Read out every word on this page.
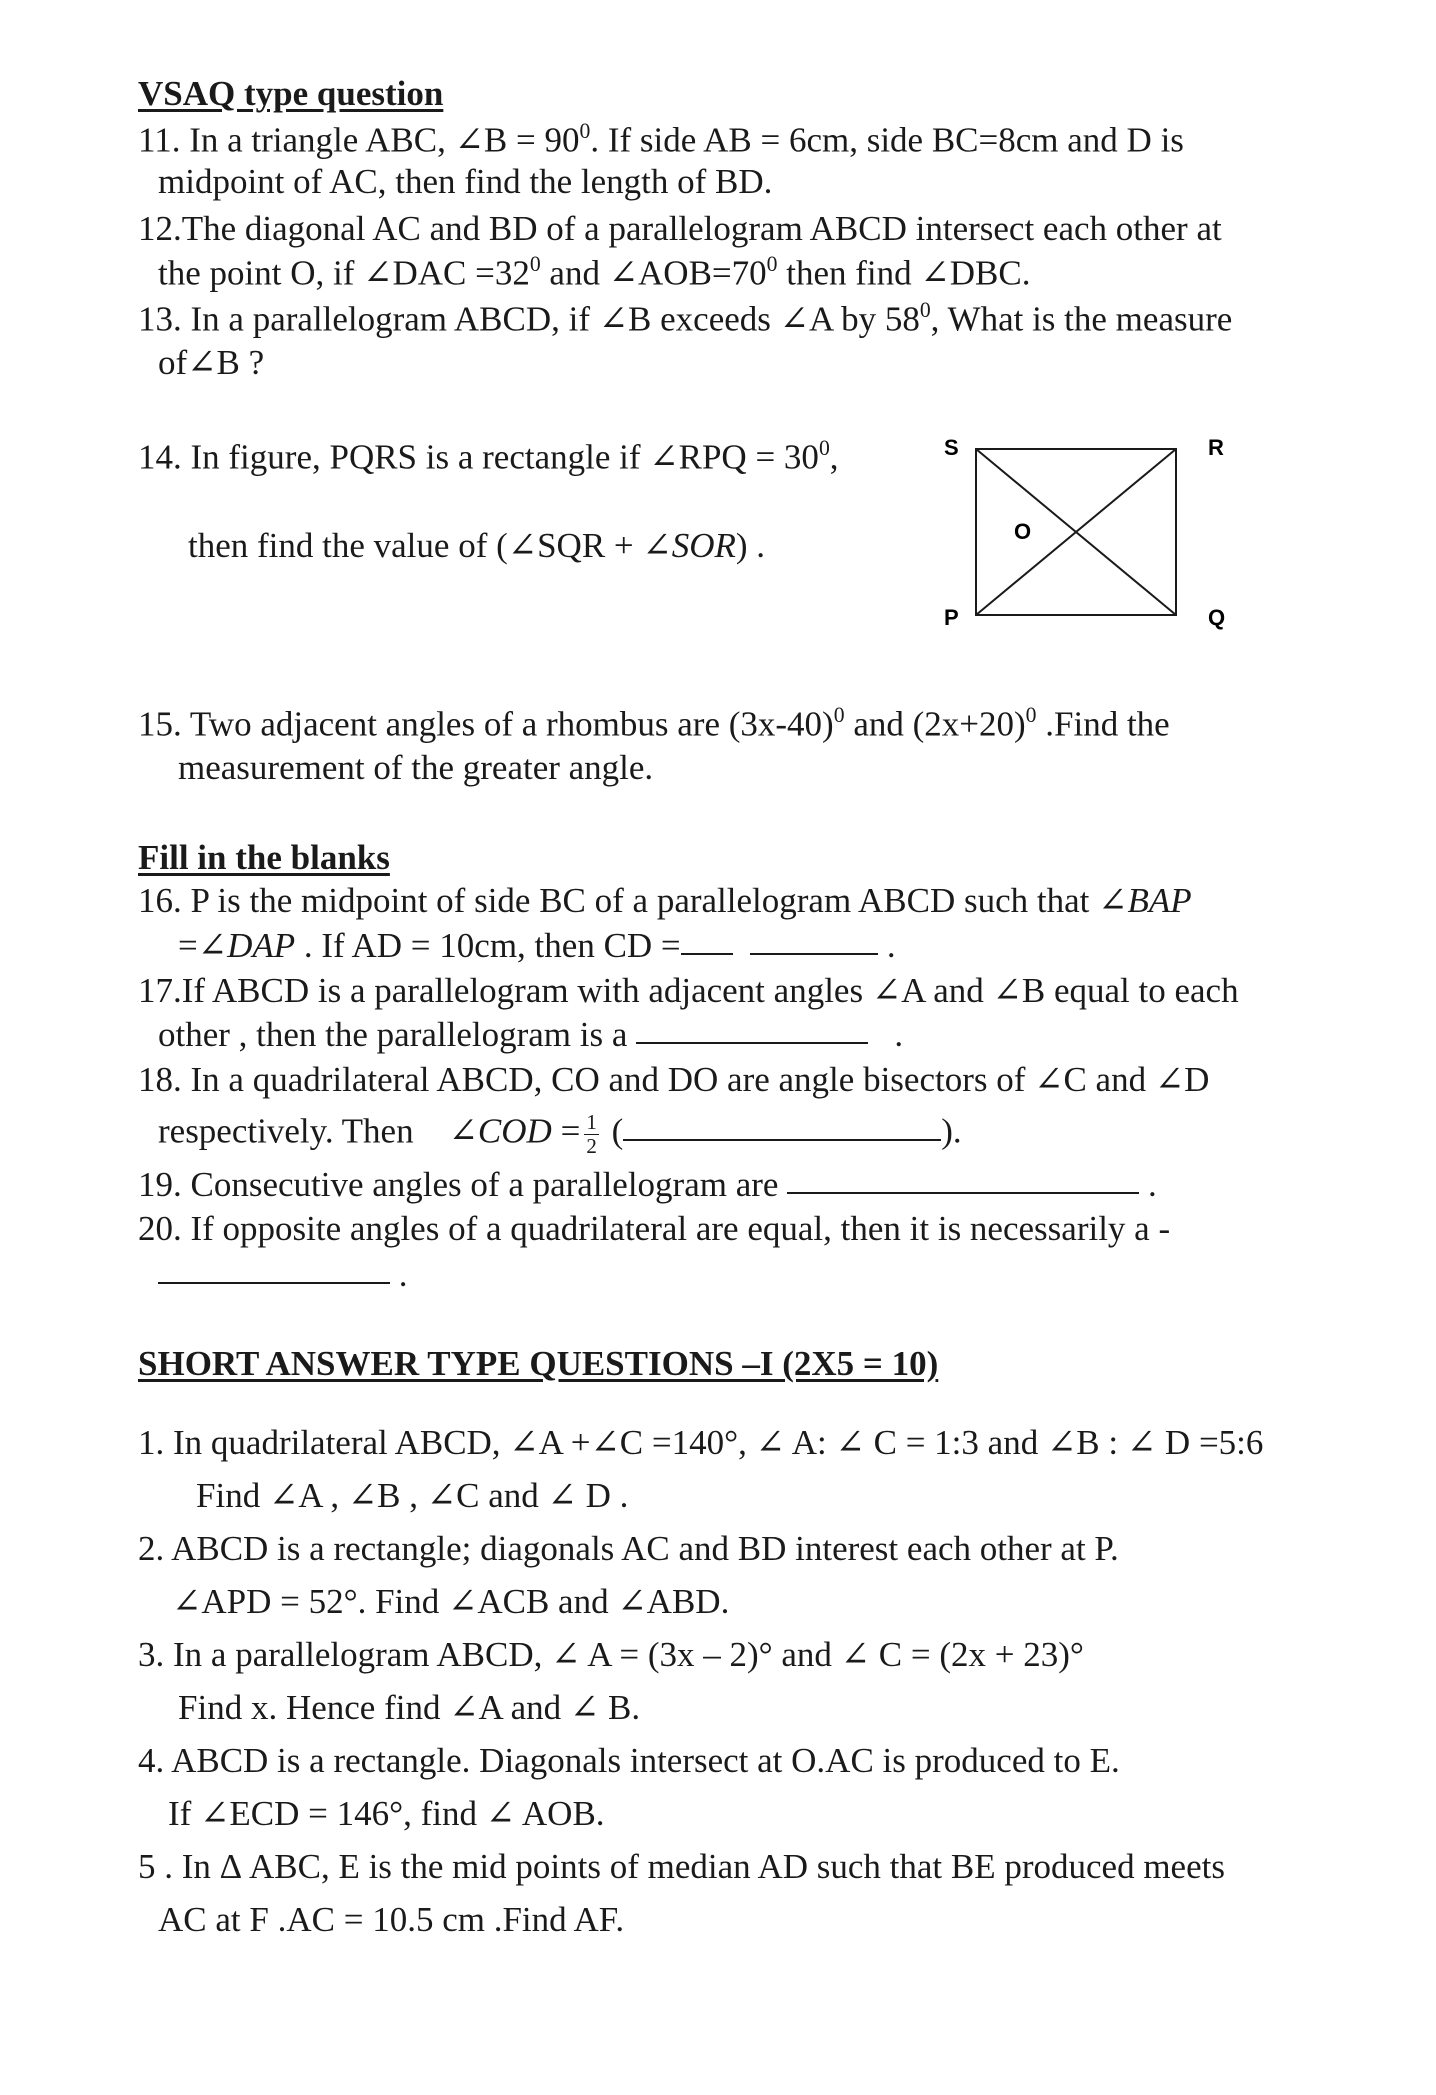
VSAQ type question
11. In a triangle ABC, ∠B = $90^0$. If side AB = 6cm, side BC=8cm and D is
midpoint of AC, then find the length of BD.
12.The diagonal AC and BD of a parallelogram ABCD intersect each other at
the point O, if ∠DAC $=32^0$ and $\angle AOB=70^0$ then find ∠DBC.
13. In a parallelogram ABCD, if ∠B exceeds ∠A by $58^0$, What is the measure
of∠B ?
14. In figure, PQRS is a rectangle if ∠RPQ = $30^0$,
then find the value of (∠SQR + ∠SOR) .
S	R
O
P	Q
15. Two adjacent angles of a rhombus are $(3x-40)^0$ and $(2x+20)^0$ .Find the
measurement of the greater angle.
Fill in the blanks
16. P is the midpoint of side BC of a parallelogram ABCD such that ∠BAP
=∠DAP . If AD = 10cm, then CD =	.
17.If ABCD is a parallelogram with adjacent angles ∠A and ∠B equal to each
other , then the parallelogram is a	.
18. In a quadrilateral ABCD, CO and DO are angle bisectors of ∠C and ∠D
respectively. Then ∠COD = $\frac{1}{2}$ (	).
19. Consecutive angles of a parallelogram are	.
20. If opposite angles of a quadrilateral are equal, then it is necessarily a -
.
SHORT ANSWER TYPE QUESTIONS –I (2X5 = 10)
1. In quadrilateral ABCD, ∠A +∠C =140°, ∠ A: ∠ C = 1:3 and ∠B : ∠ D =5:6
Find ∠A , ∠B , ∠C and ∠ D .
2. ABCD is a rectangle; diagonals AC and BD interest each other at P.
∠APD = 52°. Find ∠ACB and ∠ABD.
3. In a parallelogram ABCD, ∠ A = (3x – 2)° and ∠ C = (2x + 23)°
Find x. Hence find ∠A and ∠ B.
4. ABCD is a rectangle. Diagonals intersect at O.AC is produced to E.
If ∠ECD = 146°, find ∠ AOB.
5 . In Δ ABC, E is the mid points of median AD such that BE produced meets
AC at F .AC = 10.5 cm .Find AF.
